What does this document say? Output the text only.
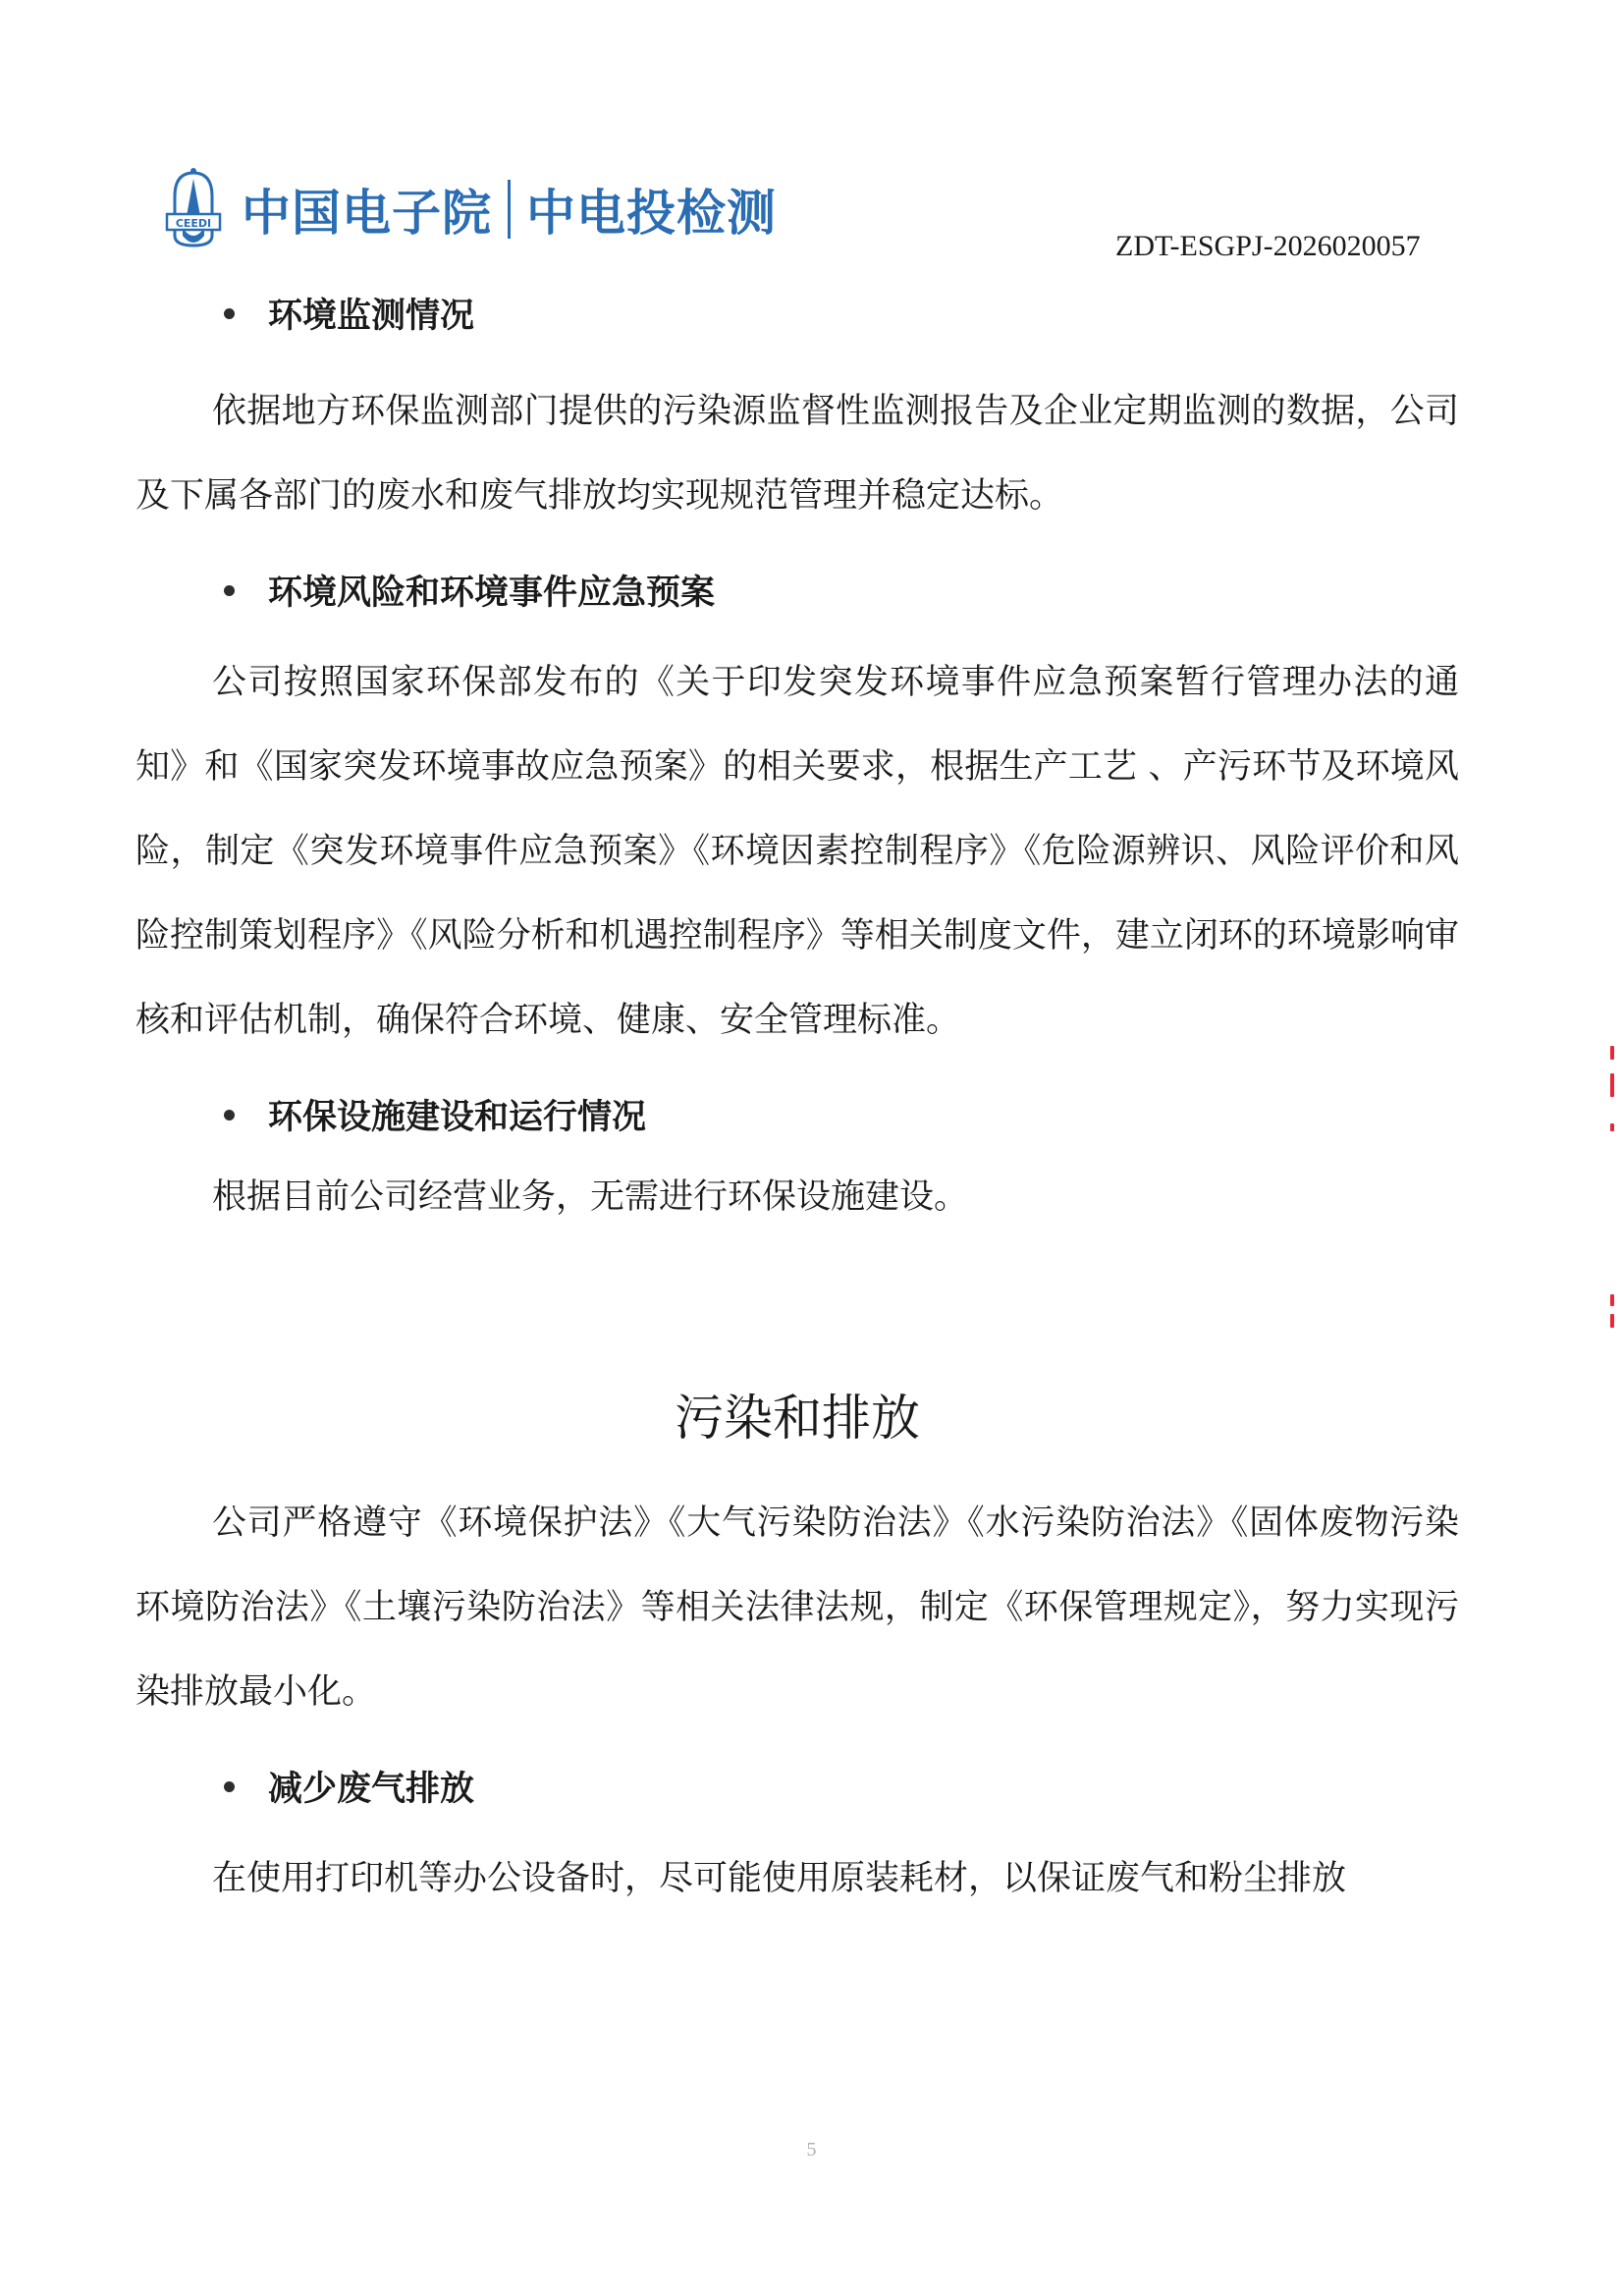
CEEDI 中国电子院 中电投检测
ZDT-ESGPJ-2026020057
环境监测情况

依据地方环保监测部门提供的污染源监督性监测报告及企业定期监测的数据，公司及下属各部门的废水和废气排放均实现规范管理并稳定达标。

环境风险和环境事件应急预案

公司按照国家环保部发布的《关于印发突发环境事件应急预案暂行管理办法的通知》和《国家突发环境事故应急预案》的相关要求，根据生产工艺 、产污环节及环境风险，制定《突发环境事件应急预案》《环境因素控制程序》《危险源辨识、风险评价和风险控制策划程序》《风险分析和机遇控制程序》等相关制度文件，建立闭环的环境影响审核和评估机制，确保符合环境、健康、安全管理标准。

环保设施建设和运行情况

根据目前公司经营业务，无需进行环保设施建设。

污染和排放

公司严格遵守《环境保护法》《大气污染防治法》《水污染防治法》《固体废物污染环境防治法》《土壤污染防治法》等相关法律法规，制定《环保管理规定》，努力实现污染排放最小化。

减少废气排放

在使用打印机等办公设备时，尽可能使用原装耗材，以保证废气和粉尘排放

5
